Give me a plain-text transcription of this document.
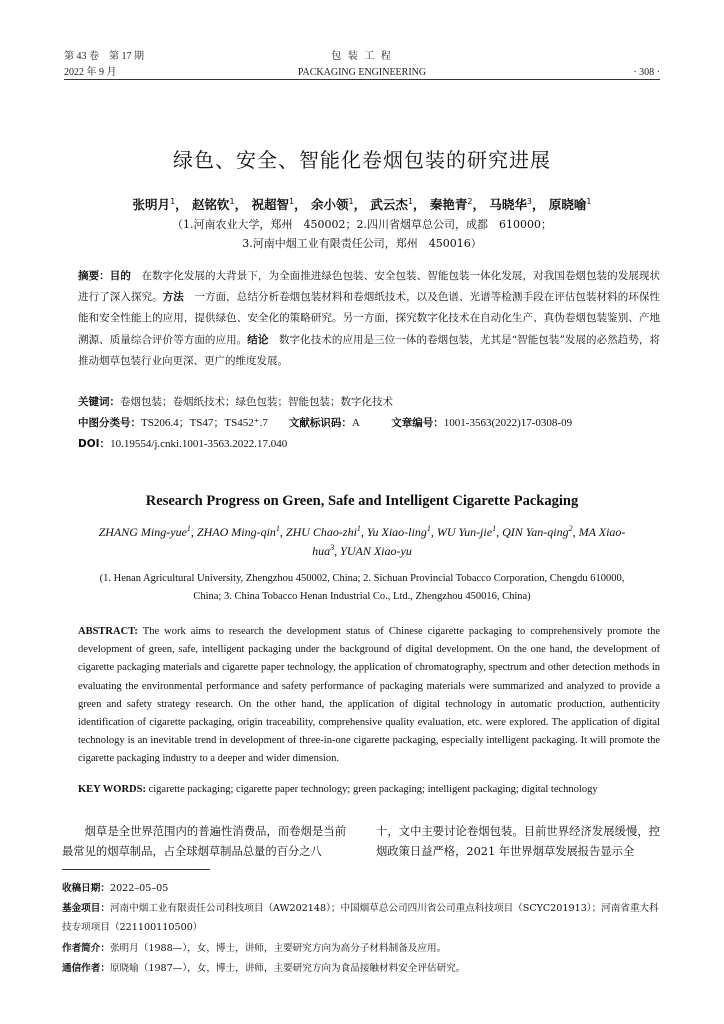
第 43 卷　第 17 期
2022 年 9 月
包 装 工 程
PACKAGING ENGINEERING	· 308 ·
绿色、安全、智能化卷烟包装的研究进展
张明月$^1$， 赵铭钦$^1$， 祝超智$^1$， 余小领$^1$， 武云杰$^1$， 秦艳青$^2$， 马晓华$^3$， 原晓喻$^1$
（1.河南农业大学，郑州　450002；2.四川省烟草总公司，成都　610000；
3.河南中烟工业有限责任公司，郑州　450016）
摘要：目的　 在数字化发展的大背景下，为全面推进绿色包装、安全包装、智能包装一体化发展，对我国卷烟包装的发展现状进行了深入探究。方法　 一方面，总结分析卷烟包装材料和卷烟纸技术，以及色谱、光谱等检测手段在评估包装材料的环保性能和安全性能上的应用，提供绿色、安全化的策略研究。另一方面，探究数字化技术在自动化生产、真伪卷烟包装鉴别、产地溯源、质量综合评价等方面的应用。结论　 数字化技术的应用是三位一体的卷烟包装，尤其是“智能包装”发展的必然趋势，将推动烟草包装行业向更深、更广的维度发展。
关键词：卷烟包装；卷烟纸技术；绿色包装；智能包装；数字化技术
中图分类号：TS206.4；TS47；TS452⁺.7　　 文献标识码：A　　　	文章编号：1001-3563(2022)17-0308-09
DOI：10.19554/j.cnki.1001-3563.2022.17.040
Research Progress on Green, Safe and Intelligent Cigarette Packaging
ZHANG Ming-yue$^1$, ZHAO Ming-qin$^1$, ZHU Chao-zhi$^1$, Yu Xiao-ling$^1$, WU Yun-jie$^1$, QIN Yan-qing$^2$, MA Xiao-hua$^3$, YUAN Xiao-yu
(1. Henan Agricultural University, Zhengzhou 450002, China; 2. Sichuan Provincial Tobacco Corporation, Chengdu 610000, China; 3. China Tobacco Henan Industrial Co., Ltd., Zhengzhou 450016, China)
ABSTRACT: The work aims to research the development status of Chinese cigarette packaging to comprehensively promote the development of green, safe, intelligent packaging under the background of digital development. On the one hand, the development of cigarette packaging materials and cigarette paper technology, the application of chromatography, spectrum and other detection methods in evaluating the environmental performance and safety performance of packaging materials were summarized and analyzed to provide a green and safety strategy research. On the other hand, the application of digital technology in automatic production, authenticity identification of cigarette packaging, origin traceability, comprehensive quality evaluation, etc. were explored. The application of digital technology is an inevitable trend in development of three-in-one cigarette packaging, especially intelligent packaging. It will promote the cigarette packaging industry to a deeper and wider dimension.
KEY WORDS: cigarette packaging; cigarette paper technology; green packaging; intelligent packaging; digital technology
烟草是全世界范围内的普遍性消费品，而卷烟是当前最常见的烟草制品，占全球烟草制品总量的百分之八
十，文中主要讨论卷烟包装。目前世界经济发展缓慢，控烟政策日益严格，2021 年世界烟草发展报告显示全
收稿日期：2022–05–05
基金项目：河南中烟工业有限责任公司科技项目（AW202148）；中国烟草总公司四川省公司重点科技项目（SCYC201913）；河南省重大科技专项项目（221100110500）
作者简介：张明月（1988—），女，博士，讲师，主要研究方向为高分子材料制备及应用。
通信作者：原晓喻（1987—），女，博士，讲师，主要研究方向为食品接触材料安全评估研究。
